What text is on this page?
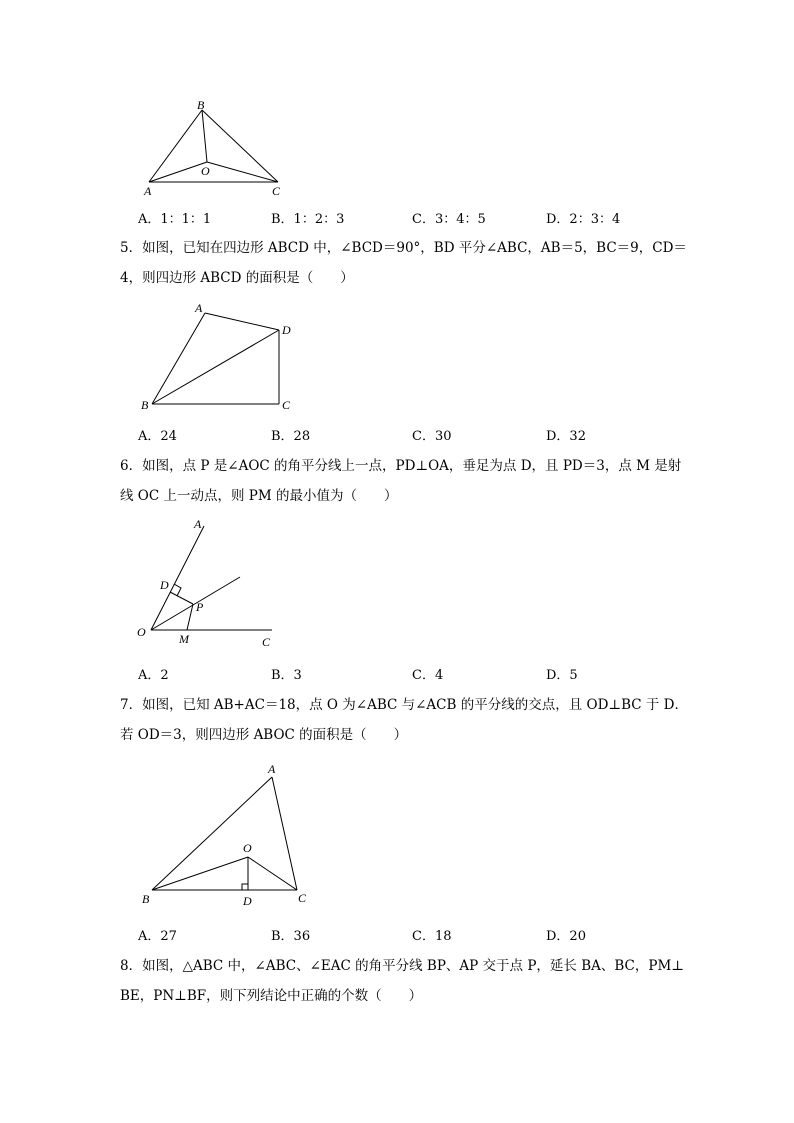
B
O
A	C
A．1：1：1	B．1：2：3	C．3：4：5	D．2：3：4
5．如图，已知在四边形 ABCD 中，∠BCD＝90°，BD 平分∠ABC，AB＝5，BC＝9，CD＝
4，则四边形 ABCD 的面积是（　　）
A
D
B	C
A．24	B．28	C．30	D．32
6．如图，点 P 是∠AOC 的角平分线上一点，PD⊥OA，垂足为点 D，且 PD＝3，点 M 是射
线 OC 上一动点，则 PM 的最小值为（　　）
A
D
P
O	M	C
A．2	B．3	C．4	D．5
7．如图，已知 AB+AC＝18，点 O 为∠ABC 与∠ACB 的平分线的交点，且 OD⊥BC 于 D．
若 OD＝3，则四边形 ABOC 的面积是（　　）
A
O
B	D	C
A．27	B．36	C．18	D．20
8．如图，△ABC 中，∠ABC、∠EAC 的角平分线 BP、AP 交于点 P，延长 BA、BC，PM⊥
BE，PN⊥BF，则下列结论中正确的个数（　　）
